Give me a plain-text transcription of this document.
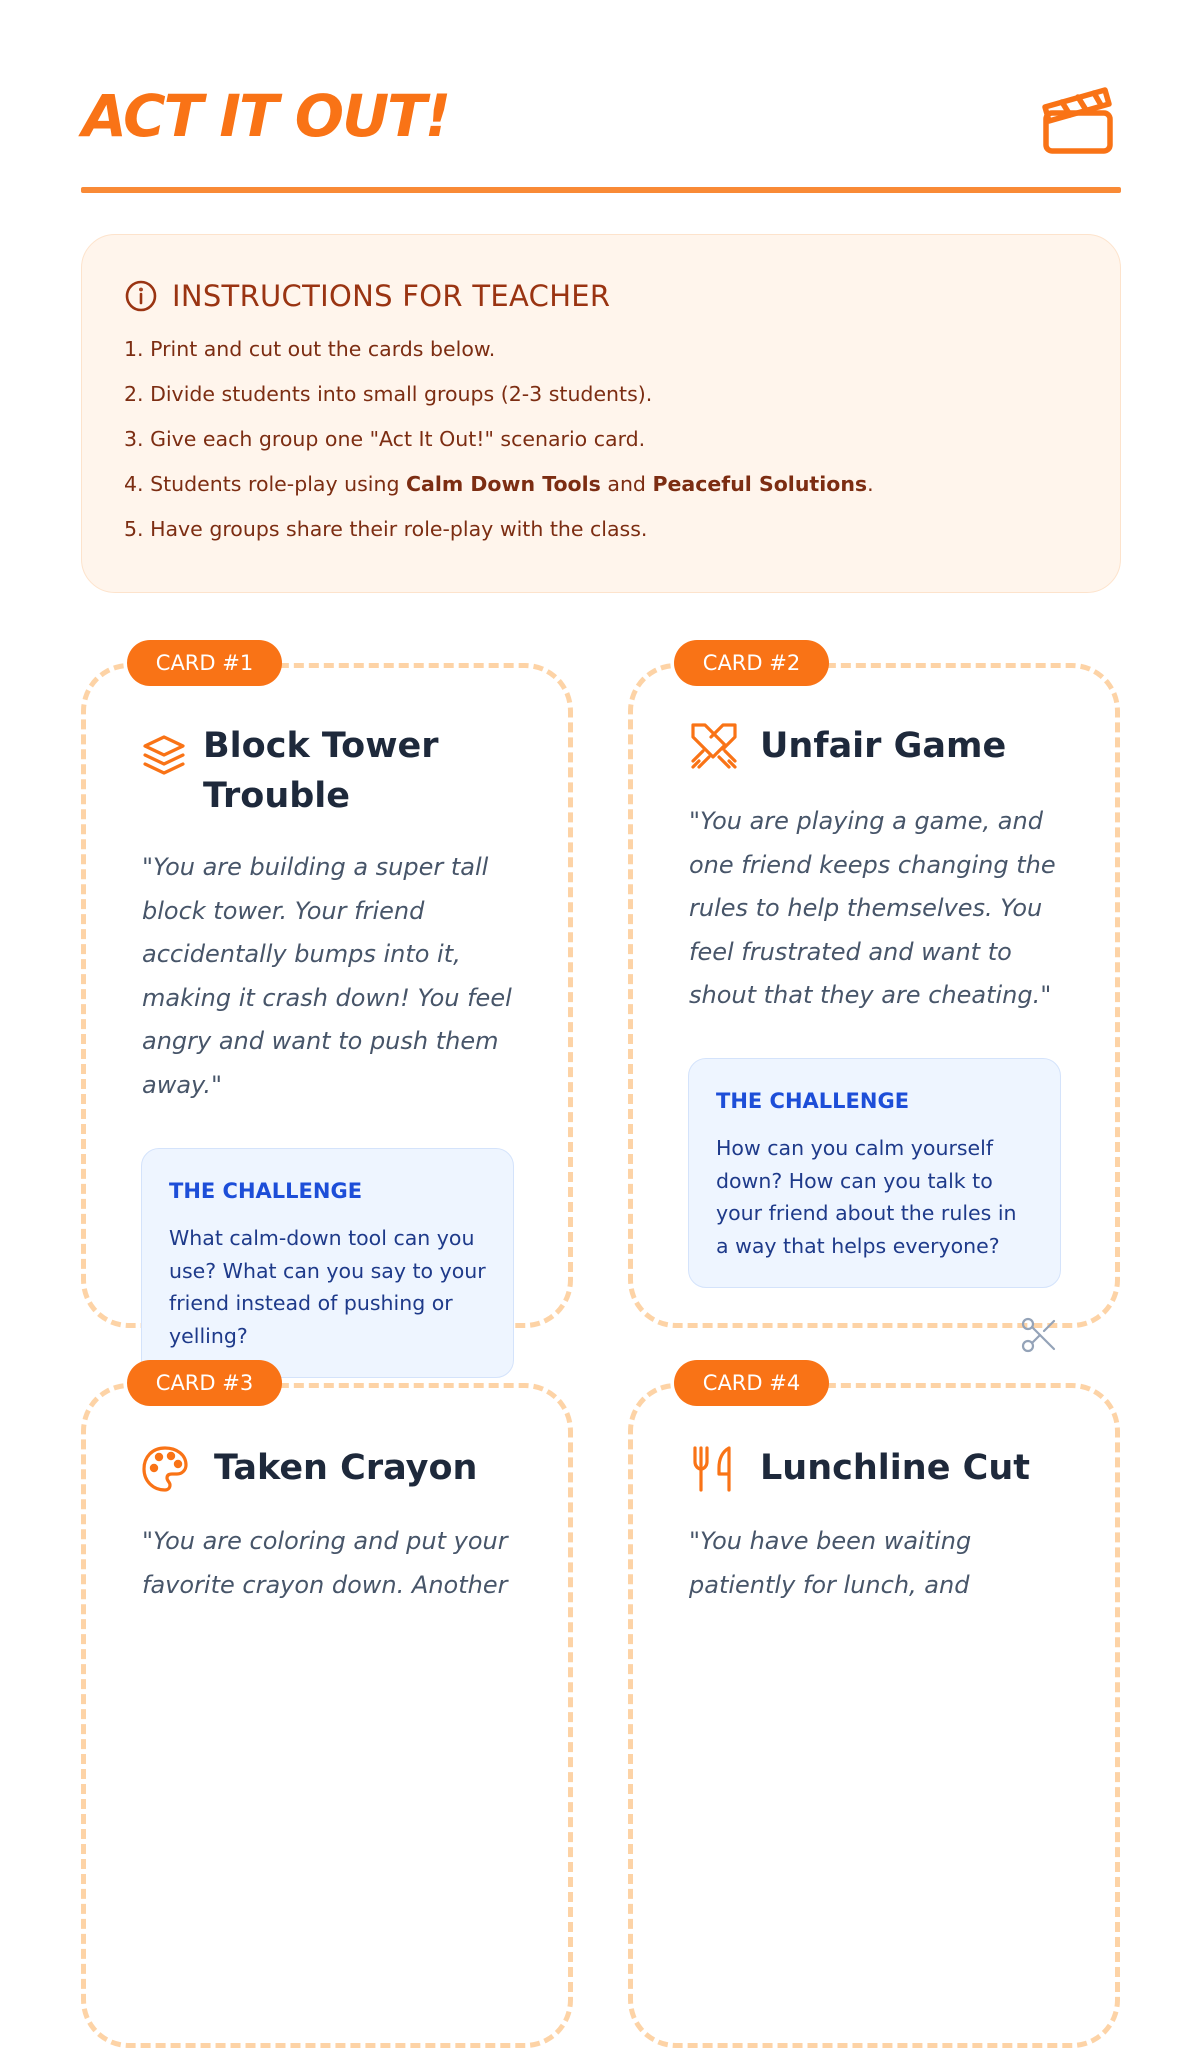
ACT IT OUT!
INSTRUCTIONS FOR TEACHER
1. Print and cut out the cards below.
2. Divide students into small groups (2-3 students).
3. Give each group one "Act It Out!" scenario card.
4. Students role-play using Calm Down Tools and Peaceful Solutions.
5. Have groups share their role-play with the class.
CARD #1
Block Tower Trouble

"You are building a super tall block tower. Your friend accidentally bumps into it, making it crash down! You feel angry and want to push them away."

THE CHALLENGE
What calm-down tool can you use? What can you say to your friend instead of pushing or yelling?
CARD #2
Unfair Game

"You are playing a game, and one friend keeps changing the rules to help themselves. You feel frustrated and want to shout that they are cheating."

THE CHALLENGE
How can you calm yourself down? How can you talk to your friend about the rules in a way that helps everyone?
CARD #3
Taken Crayon

"You are coloring and put your favorite crayon down. Another

CARD #4
Lunchline Cut

"You have been waiting patiently for lunch, and
